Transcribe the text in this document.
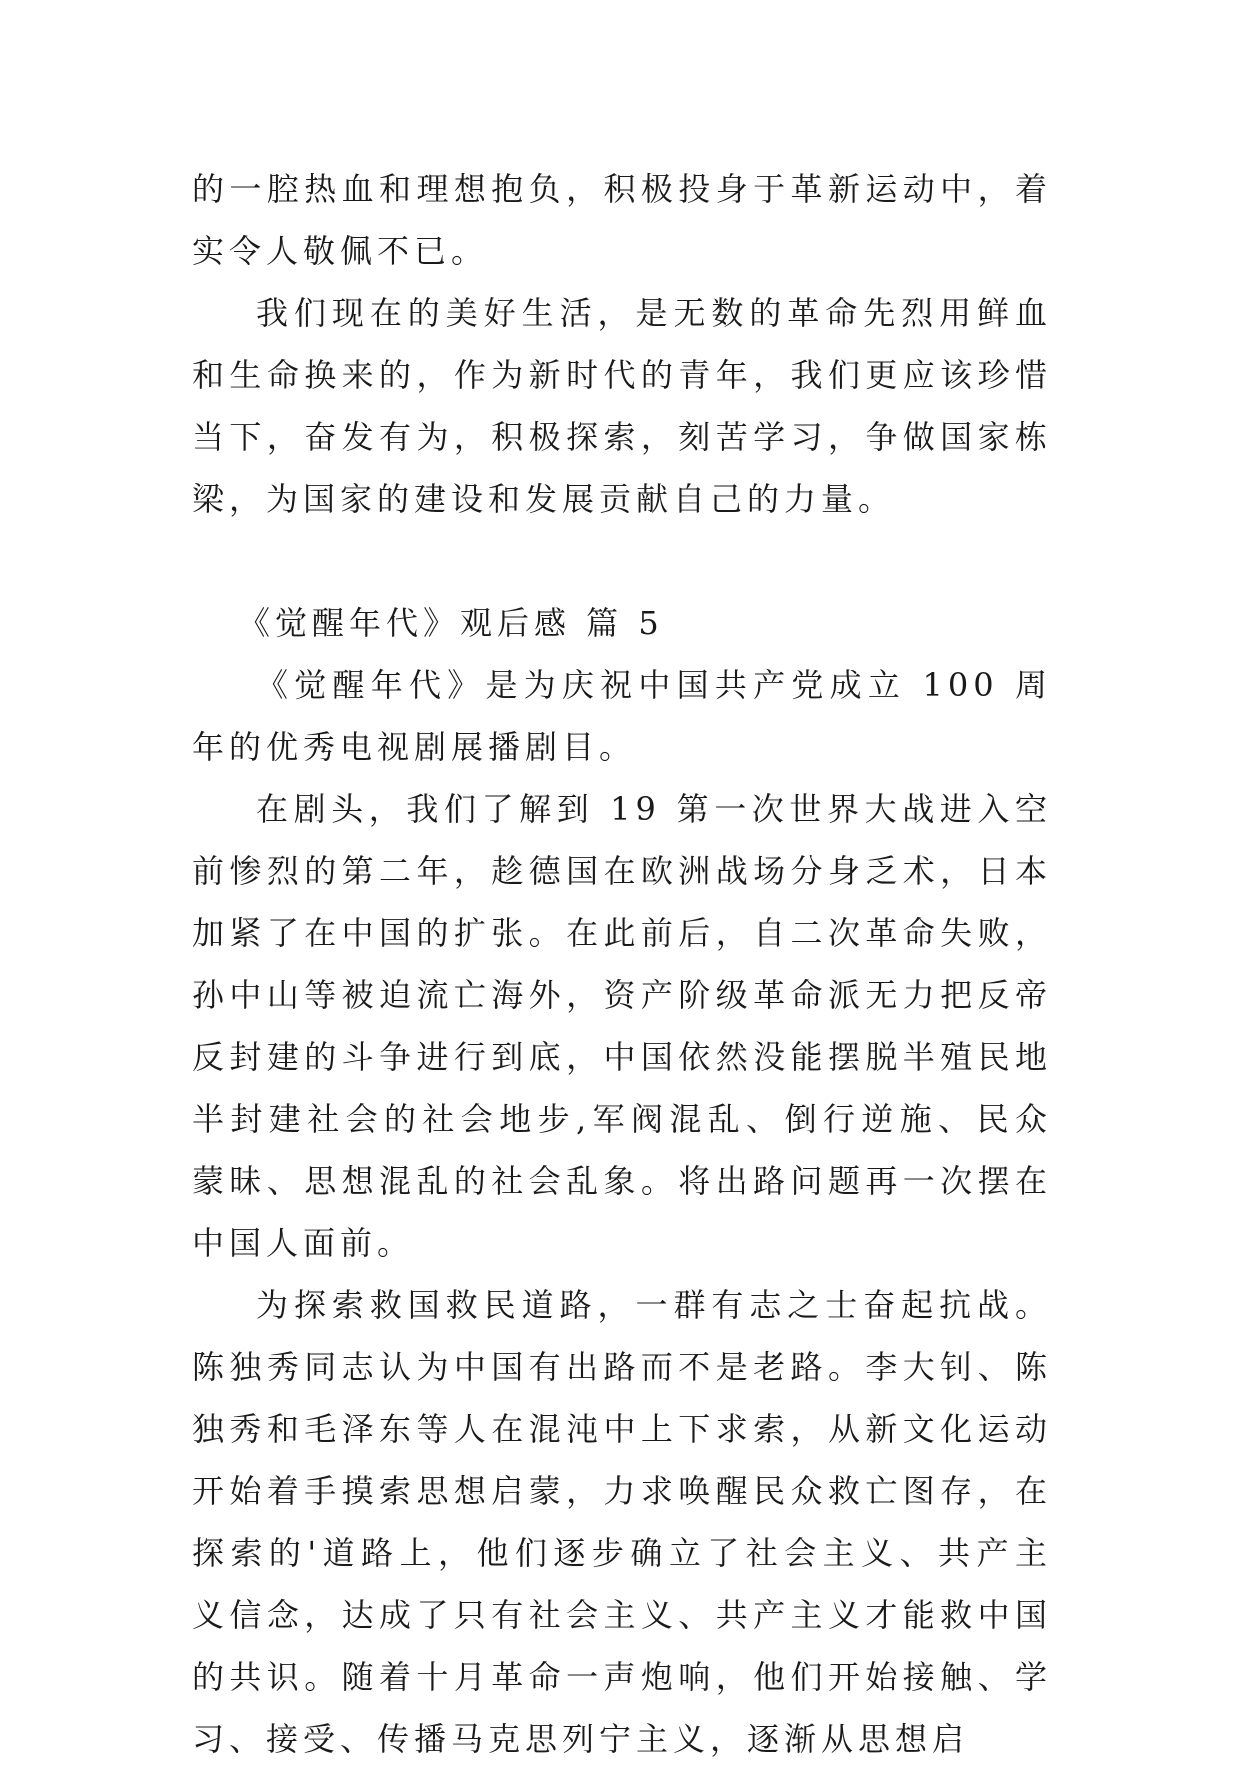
的一腔热血和理想抱负，积极投身于革新运动中，着实令人敬佩不已。

我们现在的美好生活，是无数的革命先烈用鲜血和生命换来的，作为新时代的青年，我们更应该珍惜当下，奋发有为，积极探索，刻苦学习，争做国家栋梁，为国家的建设和发展贡献自己的力量。

《觉醒年代》观后感 篇 5

《觉醒年代》是为庆祝中国共产党成立 100 周年的优秀电视剧展播剧目。

在剧头，我们了解到 19 第一次世界大战进入空前惨烈的第二年，趁德国在欧洲战场分身乏术，日本加紧了在中国的扩张。在此前后，自二次革命失败，孙中山等被迫流亡海外，资产阶级革命派无力把反帝反封建的斗争进行到底，中国依然没能摆脱半殖民地半封建社会的社会地步,军阀混乱、倒行逆施、民众蒙昧、思想混乱的社会乱象。将出路问题再一次摆在中国人面前。

为探索救国救民道路，一群有志之士奋起抗战。陈独秀同志认为中国有出路而不是老路。李大钊、陈独秀和毛泽东等人在混沌中上下求索，从新文化运动开始着手摸索思想启蒙，力求唤醒民众救亡图存，在探索的'道路上，他们逐步确立了社会主义、共产主义信念，达成了只有社会主义、共产主义才能救中国的共识。随着十月革命一声炮响，他们开始接触、学习、接受、传播马克思列宁主义，逐渐从思想启
